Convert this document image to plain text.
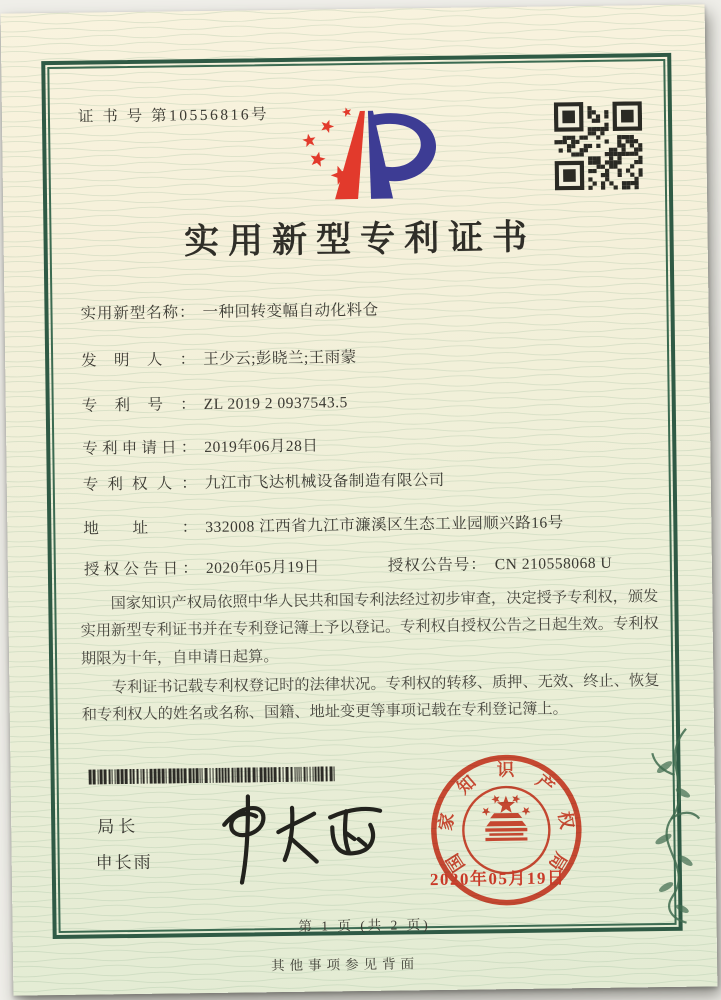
证 书 号 第10556816号
实用新型专利证书
实用新型名称： 一种回转变幅自动化料仓
发明人： 王少云;彭晓兰;王雨蒙
专利号： ZL 2019 2 0937543.5
专利申请日： 2019年06月28日
专利权人： 九江市飞达机械设备制造有限公司
地址： 332008 江西省九江市濂溪区生态工业园顺兴路16号
授权公告日： 2020年05月19日	授权公告号： CN 210558068 U

国家知识产权局依照中华人民共和国专利法经过初步审查，决定授予专利权，颁发实用新型专利证书并在专利登记簿上予以登记。专利权自授权公告之日起生效。专利权期限为十年，自申请日起算。

专利证书记载专利权登记时的法律状况。专利权的转移、质押、无效、终止、恢复和专利权人的姓名或名称、国籍、地址变更等事项记载在专利登记簿上。

局长
申长雨	国
家
知
识
产
权
局
2020年05月19日
第 1 页 (共 2 页)
其他事项参见背面
